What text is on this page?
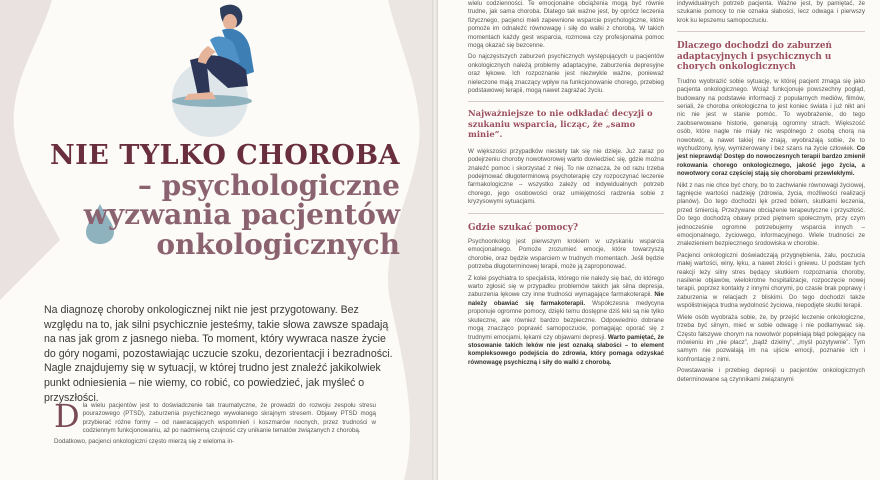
NIE TYLKO CHOROBA
– psychologiczne
wyzwania pacjentów
onkologicznych

Na diagnozę choroby onkologicznej nikt nie jest przygotowany. Bez względu na to, jak silni psychicznie jesteśmy, takie słowa zawsze spadają na nas jak grom z jasnego nieba. To moment, który wywraca nasze życie do góry nogami, pozostawiając uczucie szoku, dezorientacji i bezradności. Nagle znajdujemy się w sytuacji, w której trudno jest znaleźć jakikolwiek punkt odniesienia – nie wiemy, co robić, co powiedzieć, jak myśleć o przyszłości.

D la wielu pacjentów jest to doświadczenie tak traumatyczne, że prowadzi do rozwoju zespołu stresu pourazowego (PTSD), zaburzenia psychicznego wywołanego skrajnym stresem. Objawy PTSD mogą przybierać różne formy – od nawracających wspomnień i koszmarów nocnych, przez trudności w codziennym funkcjonowaniu, aż po nadmierną czujność czy unikanie tematów związanych z chorobą.

Dodatkowo, pacjenci onkologiczni często mierzą się z wieloma in-

wielu codzienności. Te emocjonalne obciążenia mogą być równie trudne, jak sama choroba. Dlatego tak ważne jest, by oprócz leczenia fizycznego, pacjenci mieli zapewnione wsparcie psychologiczne, które pomoże im odnaleźć równowagę i siłę do walki z chorobą. W takich momentach każdy gest wsparcia, rozmowa czy profesjonalna pomoc mogą okazać się bezcenne.

Do najczęstszych zaburzeń psychicznych występujących u pacjentów onkologicznych należą problemy adaptacyjne, zaburzenia depresyjne oraz lękowe. Ich rozpoznanie jest niezwykle ważne, ponieważ nieleczone mają znaczący wpływ na funkcjonowanie chorego, przebieg podstawowej terapii, mogą nawet zagrażać życiu.

Najważniejsze to nie odkładać decyzji o szukaniu wsparcia, licząc, że „samo minie”.

W większości przypadków niestety tak się nie dzieje. Już zaraz po podejrzeniu choroby nowotworowej warto dowiedzieć się, gdzie można znaleźć pomoc i skorzystać z niej. To nie oznacza, że od razu trzeba podejmować długoterminową psychoterapię czy rozpoczynać leczenie farmakologiczne – wszystko zależy od indywidualnych potrzeb chorego, jego osobowości oraz umiejętności radzenia sobie z kryzysowymi sytuacjami.

Gdzie szukać pomocy?

Psychoonkolog jest pierwszym krokiem w uzyskaniu wsparcia emocjonalnego. Pomoże zrozumieć emocje, które towarzyszą chorobie, oraz będzie wsparciem w trudnych momentach. Jeśli będzie potrzeba długoterminowej terapii, może ją zaproponować.

Z kolei psychiatra to specjalista, którego nie należy się bać, do którego warto zgłosić się w przypadku problemów takich jak silna depresja, zaburzenia lękowe czy inne trudności wymagające farmakoterapii. Nie należy obawiać się farmakoterapii. Współczesna medycyna proponuje ogromne pomocy, dzięki temu dostępne dziś leki są nie tylko skuteczne, ale również bardzo bezpieczne. Odpowiednio dobrane mogą znacząco poprawić samopoczucie, pomagając oporać się z trudnymi emocjami, lękami czy objawami depresji. Warto pamiętać, że stosowanie takich leków nie jest oznaką słabości – to element kompleksowego podejścia do zdrowia, który pomaga odzyskać równowagę psychiczną i siły do walki z chorobą.

indywidualnych potrzeb pacjenta. Ważne jest, by pamiętać, że szukanie pomocy to nie oznaka słabości, lecz odwaga i pierwszy krok ku lepszemu samopoczuciu.

Dlaczego dochodzi do zaburzeń adaptacyjnych i psychicznych u chorych onkologicznych

Trudno wyobrazić sobie sytuację, w której pacjent zmaga się jako pacjenta onkologicznego. Wciąż funkcjonuje powszechny pogląd, budowany na podstawie informacji z popularnych mediów, filmów, seriali, że choroba onkologiczna to jest koniec świata i już nikt ani nic nie jest w stanie pomóc. To wyobrażenie, do tego zaobserwowane historie, generują ogromny strach. Większość osób, które nagle nie miały nic wspólnego z osobą chorą na nowotwór, a nawet takiej nie znają, wyobrażają sobie, że to wychudzony, łysy, wymizerowany i bez szans na życie człowiek. Co jest nieprawdą! Dostęp do nowoczesnych terapii bardzo zmienił rokowania chorego onkologicznego, jakość jego życia, a nowotwory coraz częściej stają się chorobami przewlekłymi.

Nikt z nas nie chce być chory, bo to zachwianie równowagi życiowej, tągnięcie wartości nadzieję (zdrowia, życia, możliwości realizacji planów). Do tego dochodzi lęk przed bólem, skutkami leczenia, przed śmiercią. Przeżywane obciążenie terapeutyczne i przyszłość. Do tego dochodzą obawy przed piętnem społecznym, przy czym jednocześnie ogromne potrzebujemy wsparcia innych – emocjonalnego, życiowego, informacyjnego. Wiele trudności ze znalezieniem bezpiecznego środowiska w chorobie.

Pacjenci onkologiczni doświadczają przygnębienia, żalu, poczucia małej wartości, winy, lęku, a nawet złości i gniewu. U podstaw tych reakcji leży silny stres będący skutkiem rozpoznania choroby, nasilenie objawów, wielokrotne hospitalizacje, rozpoczęcie nowej terapii, poprzez kontakty z innymi chorymi, po czasie brak poprawy i zaburzenia w relacjach z bliskimi. Do tego dochodzi także współistniejąca trudna wydolność życiowa, niepodjęte skutki terapii.

Wiele osób wyobraża sobie, że, by przejść leczenie onkologiczne, trzeba być silnym, mieć w sobie odwagę i nie podłamywać się. Często fałszywe chorym na nowotwór popełniają błąd polegający na mówieniu im „nie płacz”, „bądź dzielny”, „myśl pozytywnie”. Tym samym nie pozwalają im na ujście emocji, poznanie ich i konfrontację z nimi.

Powstawanie i przebieg depresji u pacjentów onkologicznych determinowane są czynnikami związanymi
